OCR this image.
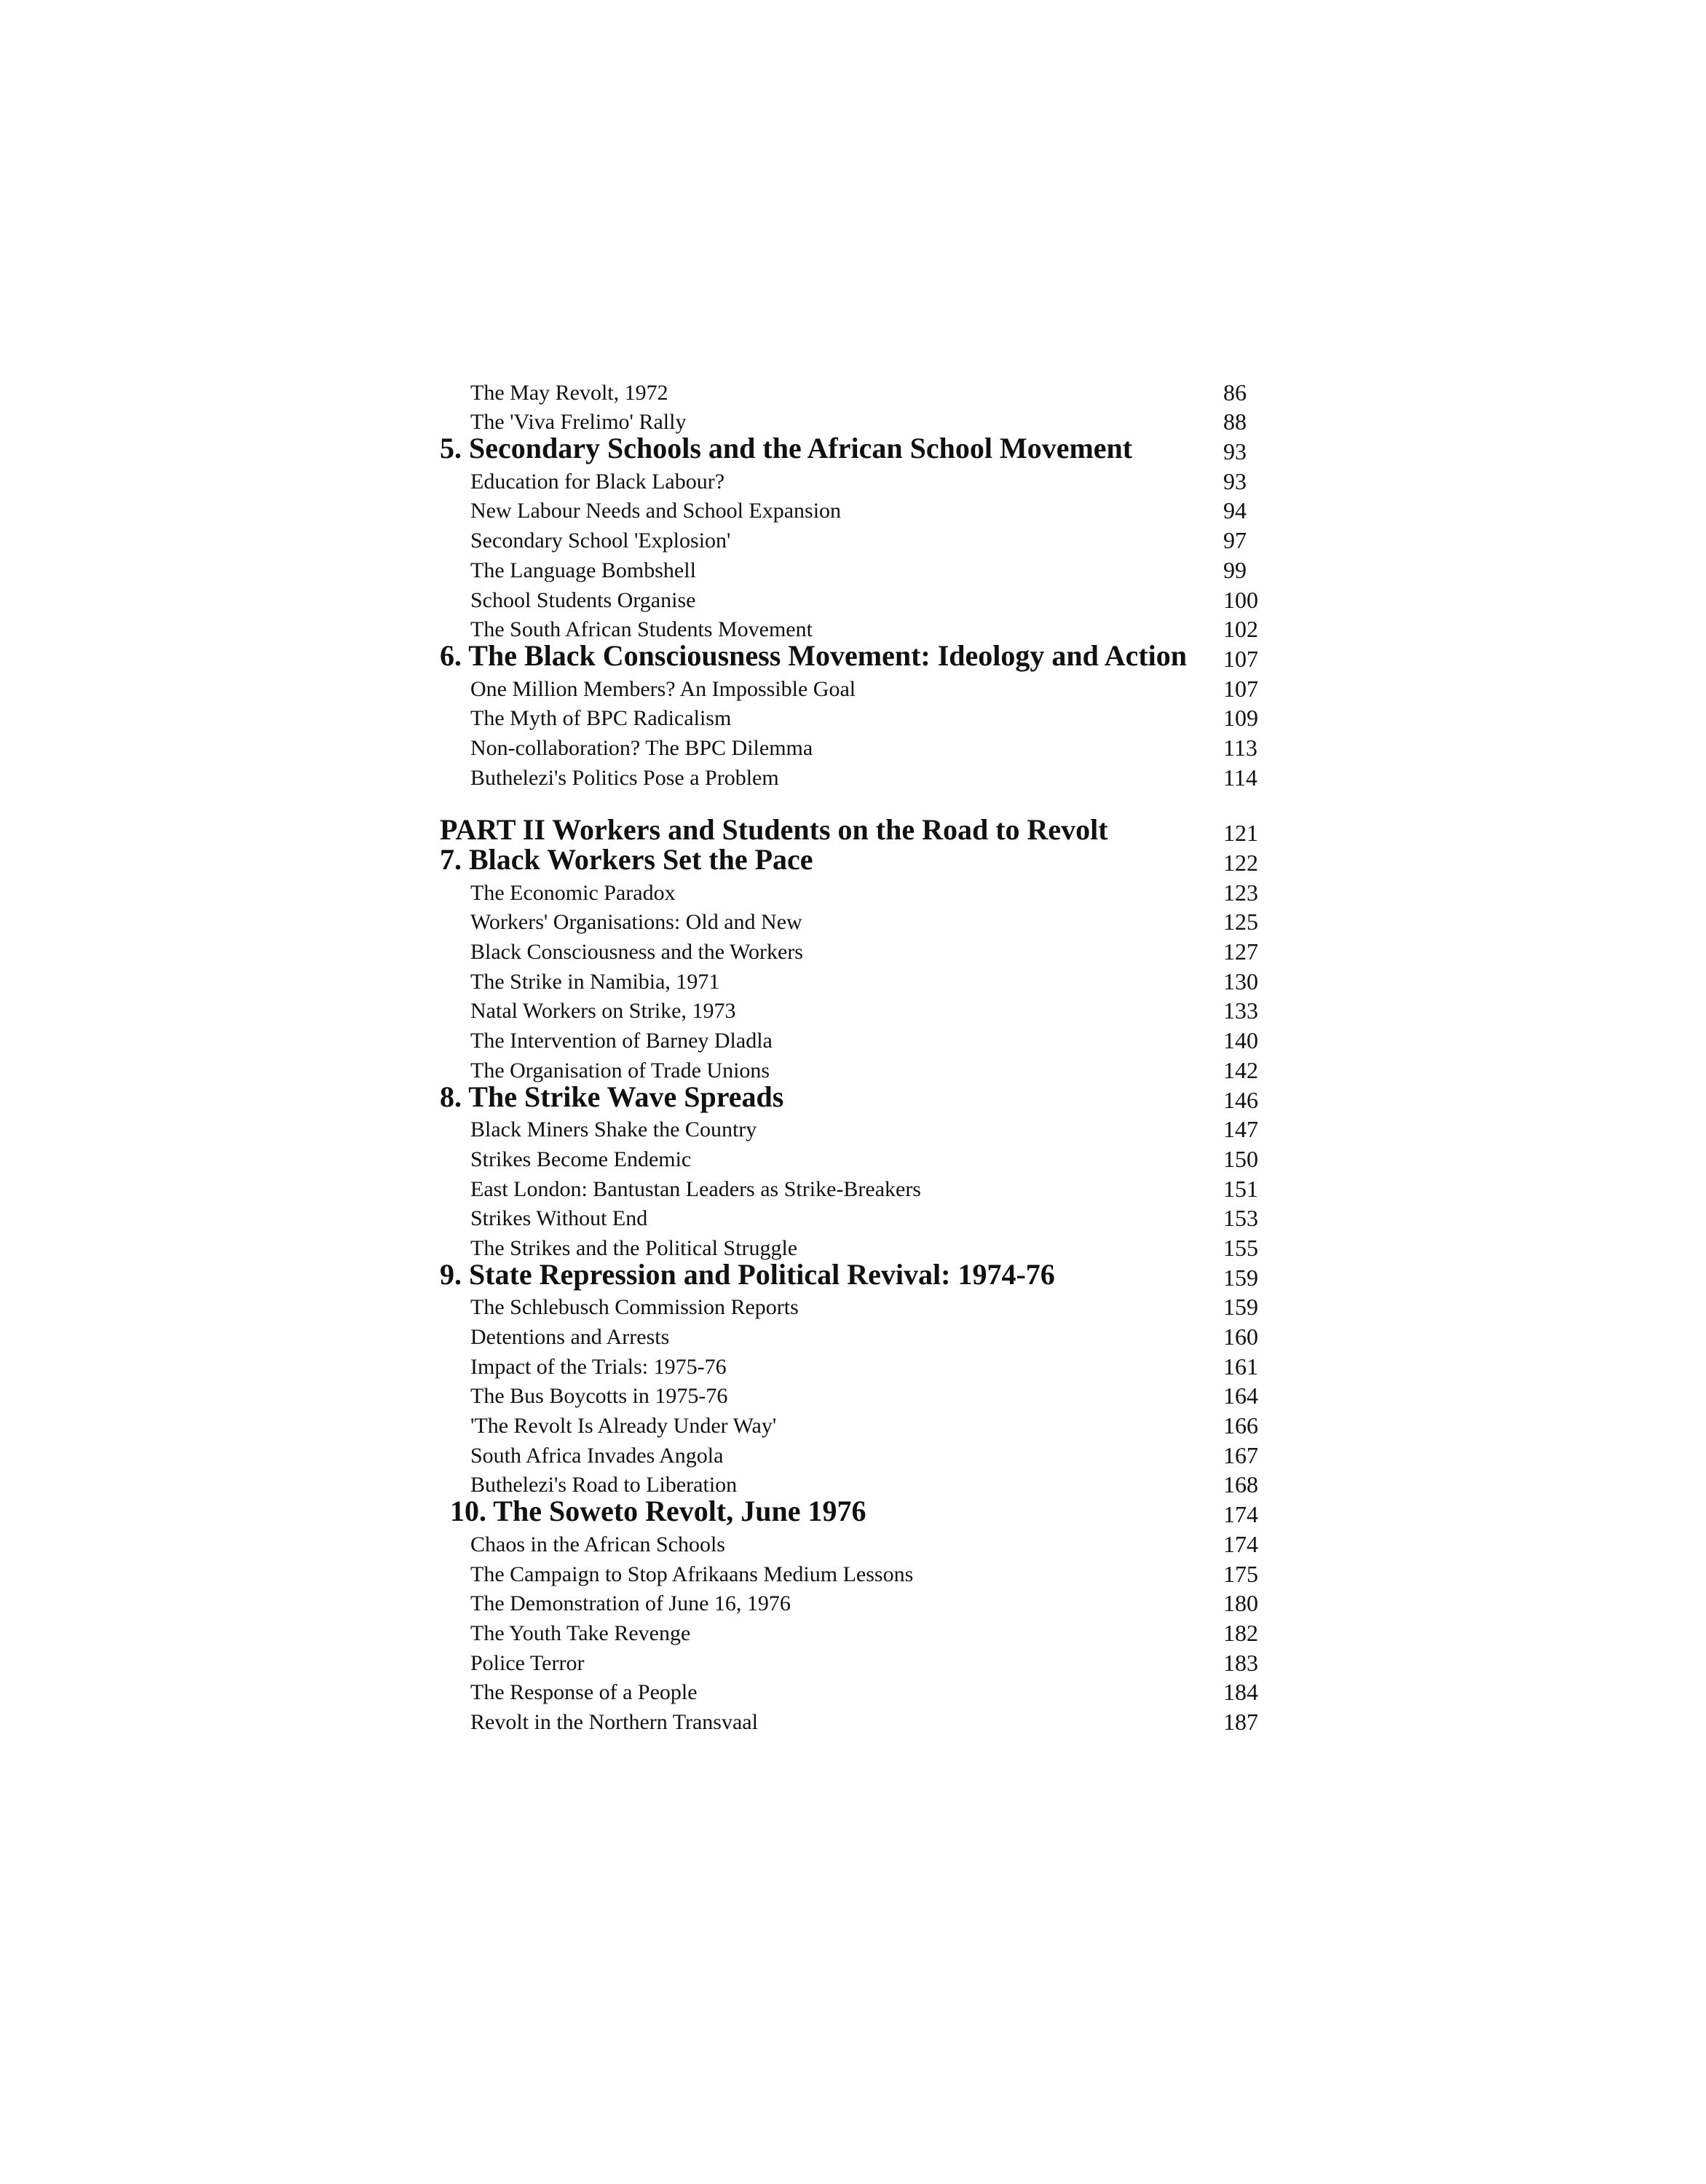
The May Revolt, 1972	86
The 'Viva Frelimo' Rally	88
5. Secondary Schools and the African School Movement	93
Education for Black Labour?	93
New Labour Needs and School Expansion	94
Secondary School 'Explosion'	97
The Language Bombshell	99
School Students Organise	100
The South African Students Movement	102
6. The Black Consciousness Movement: Ideology and Action 107
One Million Members? An Impossible Goal	107
The Myth of BPC Radicalism	109
Non-collaboration? The BPC Dilemma	113
Buthelezi's Politics Pose a Problem	114
PART II Workers and Students on the Road to Revolt	121
7. Black Workers Set the Pace	122
The Economic Paradox	123
Workers' Organisations: Old and New	125
Black Consciousness and the Workers	127
The Strike in Namibia, 1971	130
Natal Workers on Strike, 1973	133
The Intervention of Barney Dladla	140
The Organisation of Trade Unions	142
8. The Strike Wave Spreads	146
Black Miners Shake the Country	147
Strikes Become Endemic	150
East London: Bantustan Leaders as Strike-Breakers	151
Strikes Without End	153
The Strikes and the Political Struggle	155
9. State Repression and Political Revival: 1974-76	159
The Schlebusch Commission Reports	159
Detentions and Arrests	160
Impact of the Trials: 1975-76	161
The Bus Boycotts in 1975-76	164
'The Revolt Is Already Under Way'	166
South Africa Invades Angola	167
Buthelezi's Road to Liberation	168
10. The Soweto Revolt, June 1976	174
Chaos in the African Schools	174
The Campaign to Stop Afrikaans Medium Lessons	175
The Demonstration of June 16, 1976	180
The Youth Take Revenge	182
Police Terror	183
The Response of a People	184
Revolt in the Northern Transvaal	187
